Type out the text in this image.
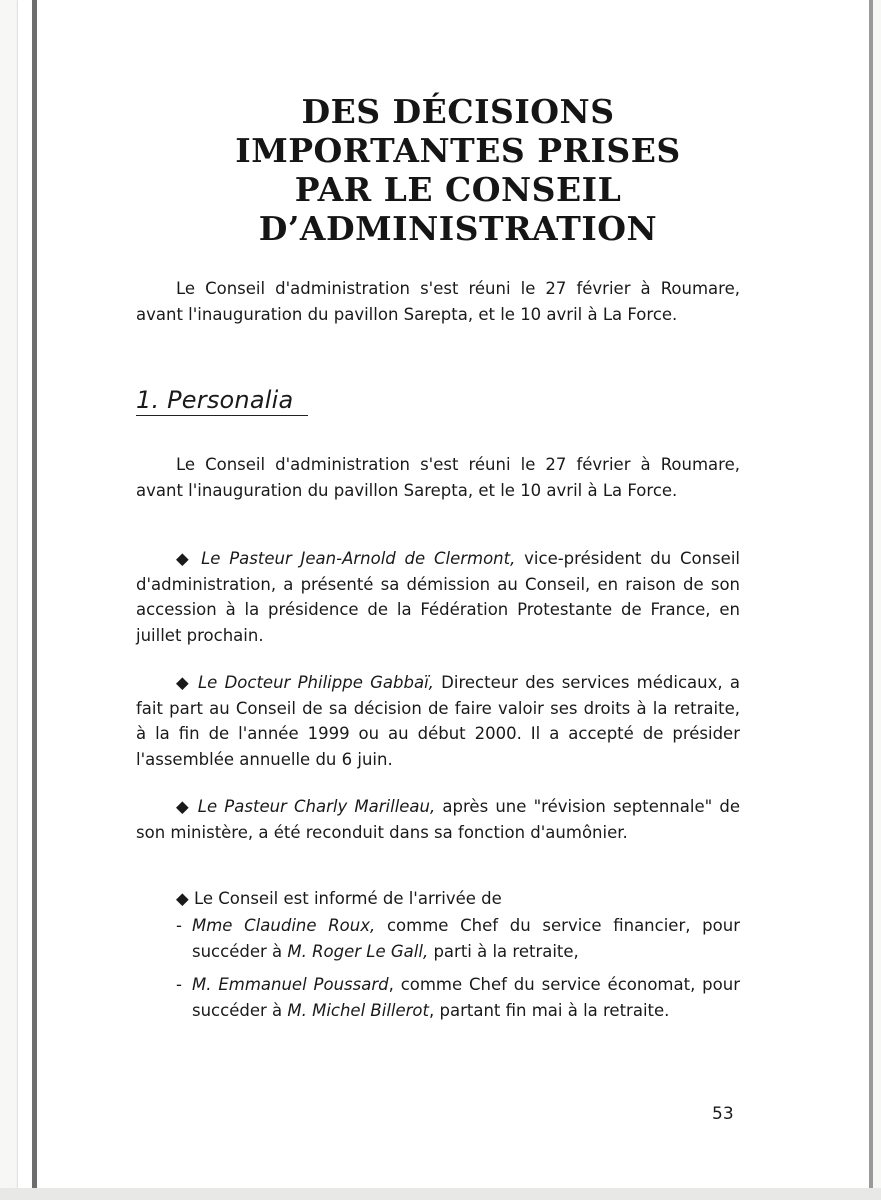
DES DÉCISIONS
IMPORTANTES PRISES
PAR LE CONSEIL
D’ADMINISTRATION

Le Conseil d'administration s'est réuni le 27 février à Roumare, avant l'inauguration du pavillon Sarepta, et le 10 avril à La Force.

1. Personalia

Le Conseil d'administration s'est réuni le 27 février à Roumare, avant l'inauguration du pavillon Sarepta, et le 10 avril à La Force.

◆ Le Pasteur Jean-Arnold de Clermont, vice-président du Conseil d'administration, a présenté sa démission au Conseil, en raison de son accession à la présidence de la Fédération Protestante de France, en juillet prochain.

◆ Le Docteur Philippe Gabbaï, Directeur des services médicaux, a fait part au Conseil de sa décision de faire valoir ses droits à la retraite, à la fin de l'année 1999 ou au début 2000. Il a accepté de présider l'assemblée annuelle du 6 juin.

◆ Le Pasteur Charly Marilleau, après une "révision septennale" de son ministère, a été reconduit dans sa fonction d'aumônier.

◆ Le Conseil est informé de l'arrivée de

- Mme Claudine Roux, comme Chef du service financier, pour succéder à M. Roger Le Gall, parti à la retraite,
- M. Emmanuel Poussard, comme Chef du service économat, pour succéder à M. Michel Billerot, partant fin mai à la retraite.
53
